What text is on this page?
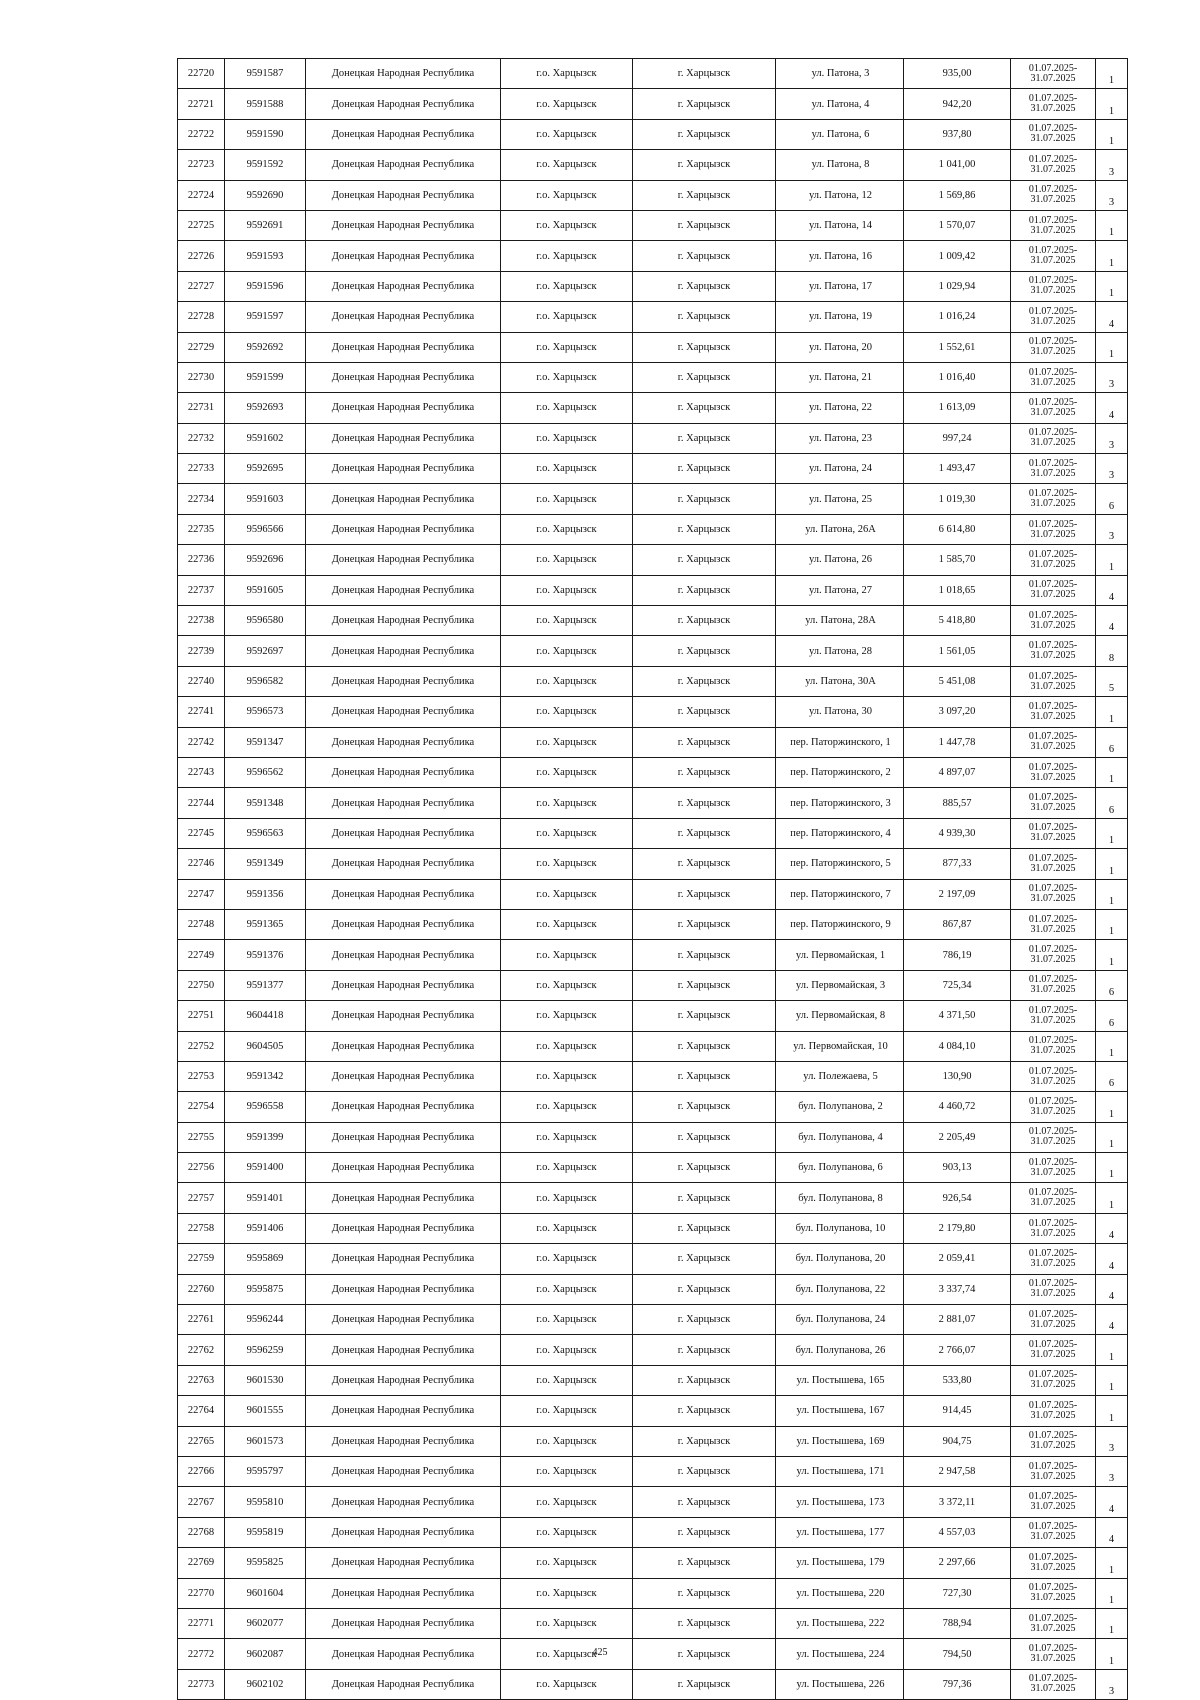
22720	9591587	Донецкая Народная Республика	г.о. Харцызск	г. Харцызск	ул. Патона, 3	935,00	01.07.2025-
31.07.2025	1
22721	9591588	Донецкая Народная Республика	г.о. Харцызск	г. Харцызск	ул. Патона, 4	942,20	01.07.2025-
31.07.2025	1
22722	9591590	Донецкая Народная Республика	г.о. Харцызск	г. Харцызск	ул. Патона, 6	937,80	01.07.2025-
31.07.2025	1
22723	9591592	Донецкая Народная Республика	г.о. Харцызск	г. Харцызск	ул. Патона, 8	1 041,00	01.07.2025-
31.07.2025	3
22724	9592690	Донецкая Народная Республика	г.о. Харцызск	г. Харцызск	ул. Патона, 12	1 569,86	01.07.2025-
31.07.2025	3
22725	9592691	Донецкая Народная Республика	г.о. Харцызск	г. Харцызск	ул. Патона, 14	1 570,07	01.07.2025-
31.07.2025	1
22726	9591593	Донецкая Народная Республика	г.о. Харцызск	г. Харцызск	ул. Патона, 16	1 009,42	01.07.2025-
31.07.2025	1
22727	9591596	Донецкая Народная Республика	г.о. Харцызск	г. Харцызск	ул. Патона, 17	1 029,94	01.07.2025-
31.07.2025	1
22728	9591597	Донецкая Народная Республика	г.о. Харцызск	г. Харцызск	ул. Патона, 19	1 016,24	01.07.2025-
31.07.2025	4
22729	9592692	Донецкая Народная Республика	г.о. Харцызск	г. Харцызск	ул. Патона, 20	1 552,61	01.07.2025-
31.07.2025	1
22730	9591599	Донецкая Народная Республика	г.о. Харцызск	г. Харцызск	ул. Патона, 21	1 016,40	01.07.2025-
31.07.2025	3
22731	9592693	Донецкая Народная Республика	г.о. Харцызск	г. Харцызск	ул. Патона, 22	1 613,09	01.07.2025-
31.07.2025	4
22732	9591602	Донецкая Народная Республика	г.о. Харцызск	г. Харцызск	ул. Патона, 23	997,24	01.07.2025-
31.07.2025	3
22733	9592695	Донецкая Народная Республика	г.о. Харцызск	г. Харцызск	ул. Патона, 24	1 493,47	01.07.2025-
31.07.2025	3
22734	9591603	Донецкая Народная Республика	г.о. Харцызск	г. Харцызск	ул. Патона, 25	1 019,30	01.07.2025-
31.07.2025	6
22735	9596566	Донецкая Народная Республика	г.о. Харцызск	г. Харцызск	ул. Патона, 26А	6 614,80	01.07.2025-
31.07.2025	3
22736	9592696	Донецкая Народная Республика	г.о. Харцызск	г. Харцызск	ул. Патона, 26	1 585,70	01.07.2025-
31.07.2025	1
22737	9591605	Донецкая Народная Республика	г.о. Харцызск	г. Харцызск	ул. Патона, 27	1 018,65	01.07.2025-
31.07.2025	4
22738	9596580	Донецкая Народная Республика	г.о. Харцызск	г. Харцызск	ул. Патона, 28А	5 418,80	01.07.2025-
31.07.2025	4
22739	9592697	Донецкая Народная Республика	г.о. Харцызск	г. Харцызск	ул. Патона, 28	1 561,05	01.07.2025-
31.07.2025	8
22740	9596582	Донецкая Народная Республика	г.о. Харцызск	г. Харцызск	ул. Патона, 30А	5 451,08	01.07.2025-
31.07.2025	5
22741	9596573	Донецкая Народная Республика	г.о. Харцызск	г. Харцызск	ул. Патона, 30	3 097,20	01.07.2025-
31.07.2025	1
22742	9591347	Донецкая Народная Республика	г.о. Харцызск	г. Харцызск	пер. Паторжинского, 1	1 447,78	01.07.2025-
31.07.2025	6
22743	9596562	Донецкая Народная Республика	г.о. Харцызск	г. Харцызск	пер. Паторжинского, 2	4 897,07	01.07.2025-
31.07.2025	1
22744	9591348	Донецкая Народная Республика	г.о. Харцызск	г. Харцызск	пер. Паторжинского, 3	885,57	01.07.2025-
31.07.2025	6
22745	9596563	Донецкая Народная Республика	г.о. Харцызск	г. Харцызск	пер. Паторжинского, 4	4 939,30	01.07.2025-
31.07.2025	1
22746	9591349	Донецкая Народная Республика	г.о. Харцызск	г. Харцызск	пер. Паторжинского, 5	877,33	01.07.2025-
31.07.2025	1
22747	9591356	Донецкая Народная Республика	г.о. Харцызск	г. Харцызск	пер. Паторжинского, 7	2 197,09	01.07.2025-
31.07.2025	1
22748	9591365	Донецкая Народная Республика	г.о. Харцызск	г. Харцызск	пер. Паторжинского, 9	867,87	01.07.2025-
31.07.2025	1
22749	9591376	Донецкая Народная Республика	г.о. Харцызск	г. Харцызск	ул. Первомайская, 1	786,19	01.07.2025-
31.07.2025	1
22750	9591377	Донецкая Народная Республика	г.о. Харцызск	г. Харцызск	ул. Первомайская, 3	725,34	01.07.2025-
31.07.2025	6
22751	9604418	Донецкая Народная Республика	г.о. Харцызск	г. Харцызск	ул. Первомайская, 8	4 371,50	01.07.2025-
31.07.2025	6
22752	9604505	Донецкая Народная Республика	г.о. Харцызск	г. Харцызск	ул. Первомайская, 10	4 084,10	01.07.2025-
31.07.2025	1
22753	9591342	Донецкая Народная Республика	г.о. Харцызск	г. Харцызск	ул. Полежаева, 5	130,90	01.07.2025-
31.07.2025	6
22754	9596558	Донецкая Народная Республика	г.о. Харцызск	г. Харцызск	бул. Полупанова, 2	4 460,72	01.07.2025-
31.07.2025	1
22755	9591399	Донецкая Народная Республика	г.о. Харцызск	г. Харцызск	бул. Полупанова, 4	2 205,49	01.07.2025-
31.07.2025	1
22756	9591400	Донецкая Народная Республика	г.о. Харцызск	г. Харцызск	бул. Полупанова, 6	903,13	01.07.2025-
31.07.2025	1
22757	9591401	Донецкая Народная Республика	г.о. Харцызск	г. Харцызск	бул. Полупанова, 8	926,54	01.07.2025-
31.07.2025	1
22758	9591406	Донецкая Народная Республика	г.о. Харцызск	г. Харцызск	бул. Полупанова, 10	2 179,80	01.07.2025-
31.07.2025	4
22759	9595869	Донецкая Народная Республика	г.о. Харцызск	г. Харцызск	бул. Полупанова, 20	2 059,41	01.07.2025-
31.07.2025	4
22760	9595875	Донецкая Народная Республика	г.о. Харцызск	г. Харцызск	бул. Полупанова, 22	3 337,74	01.07.2025-
31.07.2025	4
22761	9596244	Донецкая Народная Республика	г.о. Харцызск	г. Харцызск	бул. Полупанова, 24	2 881,07	01.07.2025-
31.07.2025	4
22762	9596259	Донецкая Народная Республика	г.о. Харцызск	г. Харцызск	бул. Полупанова, 26	2 766,07	01.07.2025-
31.07.2025	1
22763	9601530	Донецкая Народная Республика	г.о. Харцызск	г. Харцызск	ул. Постышева, 165	533,80	01.07.2025-
31.07.2025	1
22764	9601555	Донецкая Народная Республика	г.о. Харцызск	г. Харцызск	ул. Постышева, 167	914,45	01.07.2025-
31.07.2025	1
22765	9601573	Донецкая Народная Республика	г.о. Харцызск	г. Харцызск	ул. Постышева, 169	904,75	01.07.2025-
31.07.2025	3
22766	9595797	Донецкая Народная Республика	г.о. Харцызск	г. Харцызск	ул. Постышева, 171	2 947,58	01.07.2025-
31.07.2025	3
22767	9595810	Донецкая Народная Республика	г.о. Харцызск	г. Харцызск	ул. Постышева, 173	3 372,11	01.07.2025-
31.07.2025	4
22768	9595819	Донецкая Народная Республика	г.о. Харцызск	г. Харцызск	ул. Постышева, 177	4 557,03	01.07.2025-
31.07.2025	4
22769	9595825	Донецкая Народная Республика	г.о. Харцызск	г. Харцызск	ул. Постышева, 179	2 297,66	01.07.2025-
31.07.2025	1
22770	9601604	Донецкая Народная Республика	г.о. Харцызск	г. Харцызск	ул. Постышева, 220	727,30	01.07.2025-
31.07.2025	1
22771	9602077	Донецкая Народная Республика	г.о. Харцызск	г. Харцызск	ул. Постышева, 222	788,94	01.07.2025-
31.07.2025	1
22772	9602087	Донецкая Народная Республика	г.о. Харцызск	г. Харцызск	ул. Постышева, 224	794,50	01.07.2025-
31.07.2025	1
22773	9602102	Донецкая Народная Республика	г.о. Харцызск	г. Харцызск	ул. Постышева, 226	797,36	01.07.2025-
31.07.2025	3
425
